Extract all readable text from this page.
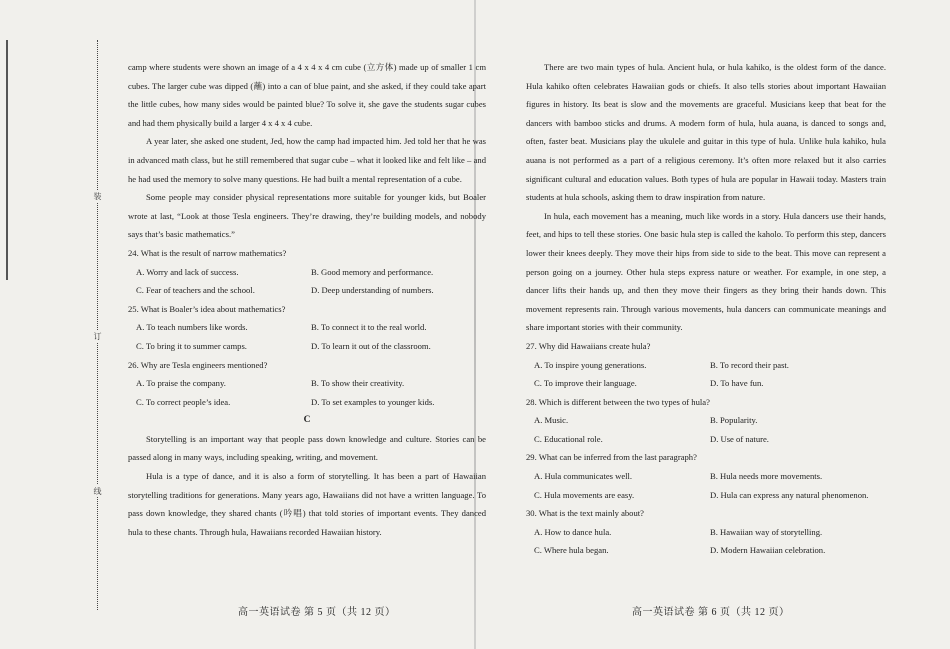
装
订
线

camp where students were shown an image of a 4 x 4 x 4 cm cube (立方体) made up of smaller 1 cm cubes. The larger cube was dipped (蘸) into a can of blue paint, and she asked, if they could take apart the little cubes, how many sides would be painted blue? To solve it, she gave the students sugar cubes and had them physically build a larger 4 x 4 x 4 cube.

A year later, she asked one student, Jed, how the camp had impacted him. Jed told her that he was in advanced math class, but he still remembered that sugar cube – what it looked like and felt like – and he had used the memory to solve many questions. He had built a mental representation of a cube.

Some people may consider physical representations more suitable for younger kids, but Boaler wrote at last, “Look at those Tesla engineers. They’re drawing, they’re building models, and nobody says that’s basic mathematics.”

24. What is the result of narrow mathematics?

A. Worry and lack of success.	B. Good memory and performance.
C. Fear of teachers and the school.	D. Deep understanding of numbers.

25. What is Boaler’s idea about mathematics?

A. To teach numbers like words.	B. To connect it to the real world.
C. To bring it to summer camps.	D. To learn it out of the classroom.

26. Why are Tesla engineers mentioned?

A. To praise the company.	B. To show their creativity.
C. To correct people’s idea.	D. To set examples to younger kids.

C

Storytelling is an important way that people pass down knowledge and culture. Stories can be passed along in many ways, including speaking, writing, and movement.

Hula is a type of dance, and it is also a form of storytelling. It has been a part of Hawaiian storytelling traditions for generations. Many years ago, Hawaiians did not have a written language. To pass down knowledge, they shared chants (吟唱) that told stories of important events. They danced hula to these chants. Through hula, Hawaiians recorded Hawaiian history.

There are two main types of hula. Ancient hula, or hula kahiko, is the oldest form of the dance. Hula kahiko often celebrates Hawaiian gods or chiefs. It also tells stories about important Hawaiian figures in history. Its beat is slow and the movements are graceful. Musicians keep that beat for the dancers with bamboo sticks and drums. A modern form of hula, hula auana, is danced to songs and, often, faster beat. Musicians play the ukulele and guitar in this type of hula. Unlike hula kahiko, hula auana is not performed as a part of a religious ceremony. It’s often more relaxed but it also carries significant cultural and education values. Both types of hula are popular in Hawaii today. Masters train students at hula schools, asking them to draw inspiration from nature.

In hula, each movement has a meaning, much like words in a story. Hula dancers use their hands, feet, and hips to tell these stories. One basic hula step is called the kaholo. To perform this step, dancers lower their knees deeply. They move their hips from side to side to the beat. This move can represent a person going on a journey. Other hula steps express nature or weather. For example, in one step, a dancer lifts their hands up, and then they move their fingers as they bring their hands down. This movement represents rain. Through various movements, hula dancers can communicate meanings and share important stories with their community.

27. Why did Hawaiians create hula?

A. To inspire young generations.	B. To record their past.
C. To improve their language.	D. To have fun.

28. Which is different between the two types of hula?

A. Music.	B. Popularity.
C. Educational role.	D. Use of nature.

29. What can be inferred from the last paragraph?

A. Hula communicates well.	B. Hula needs more movements.
C. Hula movements are easy.	D. Hula can express any natural phenomenon.

30. What is the text mainly about?

A. How to dance hula.	B. Hawaiian way of storytelling.
C. Where hula began.	D. Modern Hawaiian celebration.
高一英语试卷 第 5 页（共 12 页）	高一英语试卷 第 6 页（共 12 页）
